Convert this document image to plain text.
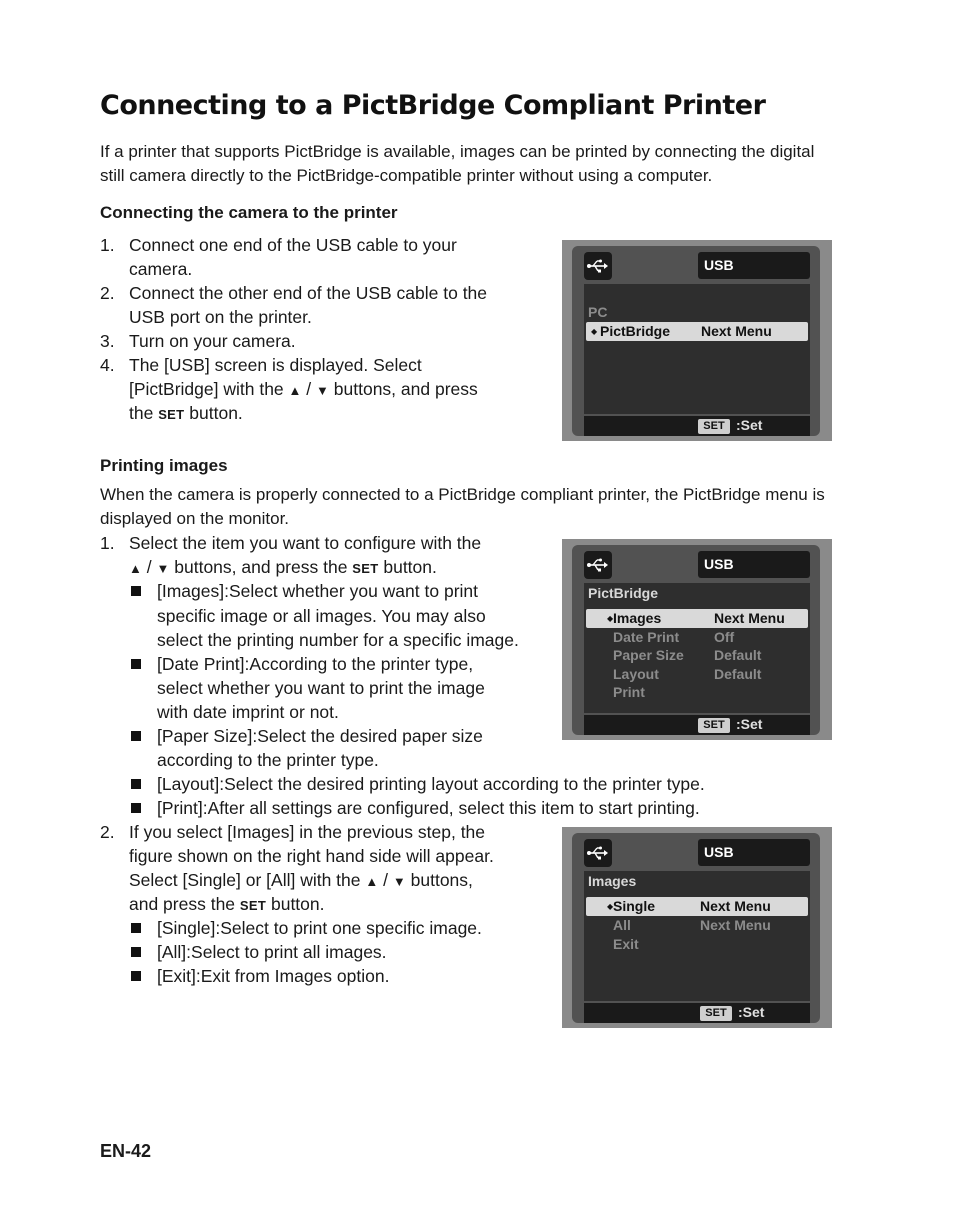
Connecting to a PictBridge Compliant Printer

If a printer that supports PictBridge is available, images can be printed by connecting the digital still camera directly to the PictBridge-compatible printer without using a computer.

Connecting the camera to the printer
1. Connect one end of the USB cable to your
camera.
2. Connect the other end of the USB cable to the
USB port on the printer.
3. Turn on your camera.
4. The [USB] screen is displayed. Select
[PictBridge] with the ▲ / ▼ buttons, and press
the SET button.
USB
PC
◆ PictBridge Next Menu
SET :Set
Printing images

When the camera is properly connected to a PictBridge compliant printer, the PictBridge menu is displayed on the monitor.

1. Select the item you want to configure with the
▲ / ▼ buttons, and press the SET button.
[Images]:Select whether you want to print
specific image or all images. You may also
select the printing number for a specific image.
[Date Print]:According to the printer type,
select whether you want to print the image
with date imprint or not.
[Paper Size]:Select the desired paper size
according to the printer type.
[Layout]:Select the desired printing layout according to the printer type.
[Print]:After all settings are configured, select this item to start printing.
2. If you select [Images] in the previous step, the
figure shown on the right hand side will appear.
Select [Single] or [All] with the ▲ / ▼ buttons,
and press the SET button.
[Single]:Select to print one specific image.
[All]:Select to print all images.
[Exit]:Exit from Images option.
USB
PictBridge
◆ Images	Next Menu
Date Print Off
Paper Size Default
Layout	Default
Print
SET :Set
USB
Images
◆ Single	Next Menu
All	Next Menu
Exit
SET :Set
EN-42
